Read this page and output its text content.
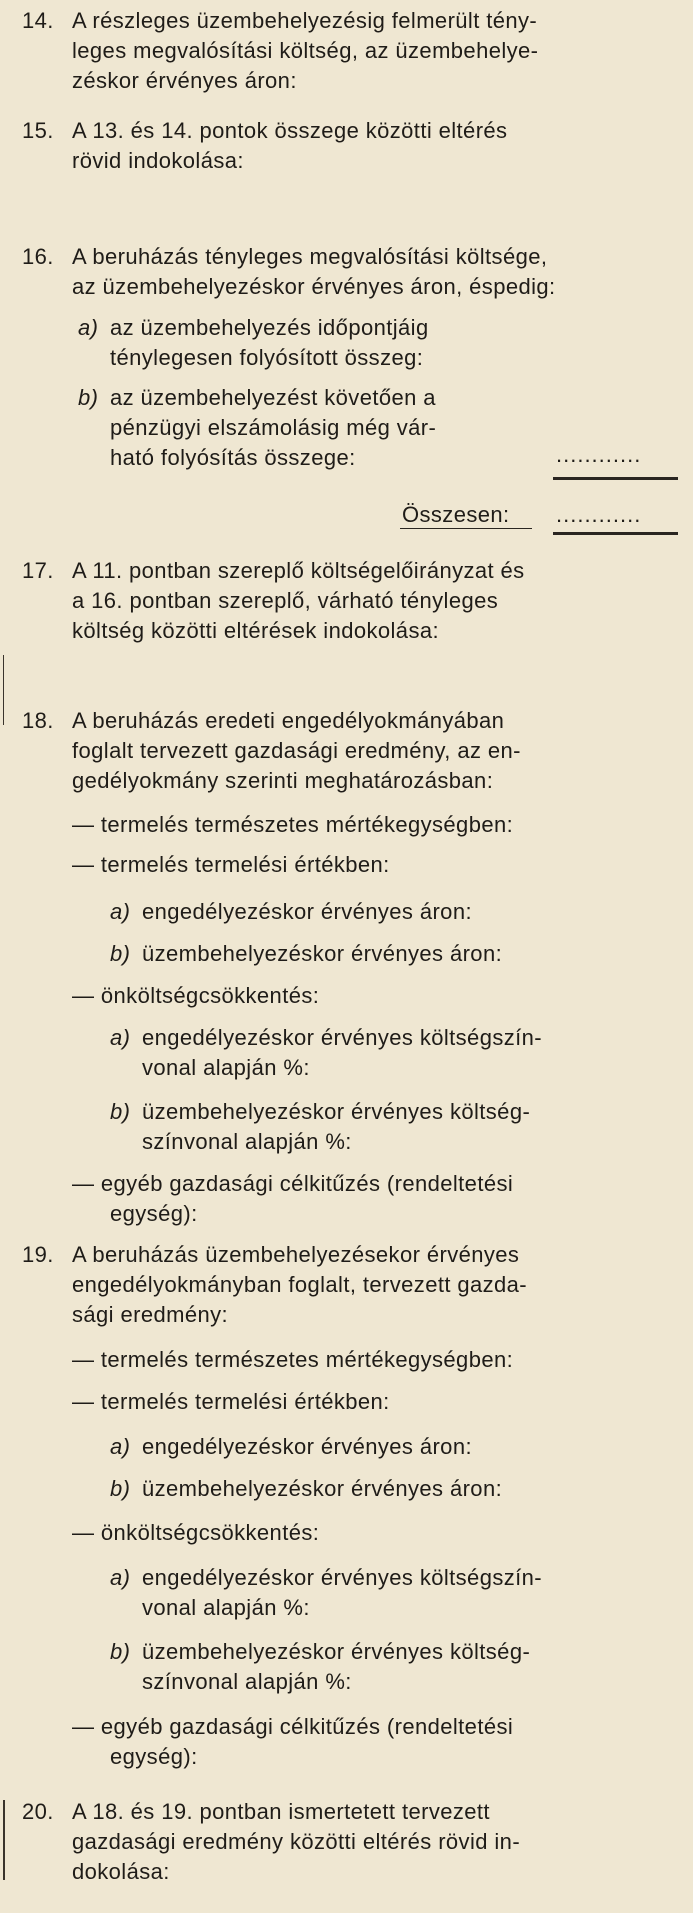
14. A részleges üzembehelyezésig felmerült tény-
leges megvalósítási költség, az üzembehelye-
zéskor érvényes áron:
15. A 13. és 14. pontok összege közötti eltérés
rövid indokolása:
16. A beruházás tényleges megvalósítási költsége,
az üzembehelyezéskor érvényes áron, éspedig:
a) az üzembehelyezés időpontjáig
ténylegesen folyósított összeg:
b) az üzembehelyezést követően a
pénzügyi elszámolásig még vár-
ható folyósítás összege:	............
Összesen: ............
17. A 11. pontban szereplő költségelőirányzat és
a 16. pontban szereplő, várható tényleges
költség közötti eltérések indokolása:
18. A beruházás eredeti engedélyokmányában
foglalt tervezett gazdasági eredmény, az en-
gedélyokmány szerinti meghatározásban:
— termelés természetes mértékegységben:
— termelés termelési értékben:
a) engedélyezéskor érvényes áron:
b) üzembehelyezéskor érvényes áron:
— önköltségcsökkentés:
a) engedélyezéskor érvényes költségszín-
vonal alapján %:
b) üzembehelyezéskor érvényes költség-
színvonal alapján %:
— egyéb gazdasági célkitűzés (rendeltetési
egység):
19. A beruházás üzembehelyezésekor érvényes
engedélyokmányban foglalt, tervezett gazda-
sági eredmény:
— termelés természetes mértékegységben:
— termelés termelési értékben:
a) engedélyezéskor érvényes áron:
b) üzembehelyezéskor érvényes áron:
— önköltségcsökkentés:
a) engedélyezéskor érvényes költségszín-
vonal alapján %:
b) üzembehelyezéskor érvényes költség-
színvonal alapján %:
— egyéb gazdasági célkitűzés (rendeltetési
egység):
20. A 18. és 19. pontban ismertetett tervezett
gazdasági eredmény közötti eltérés rövid in-
dokolása:
